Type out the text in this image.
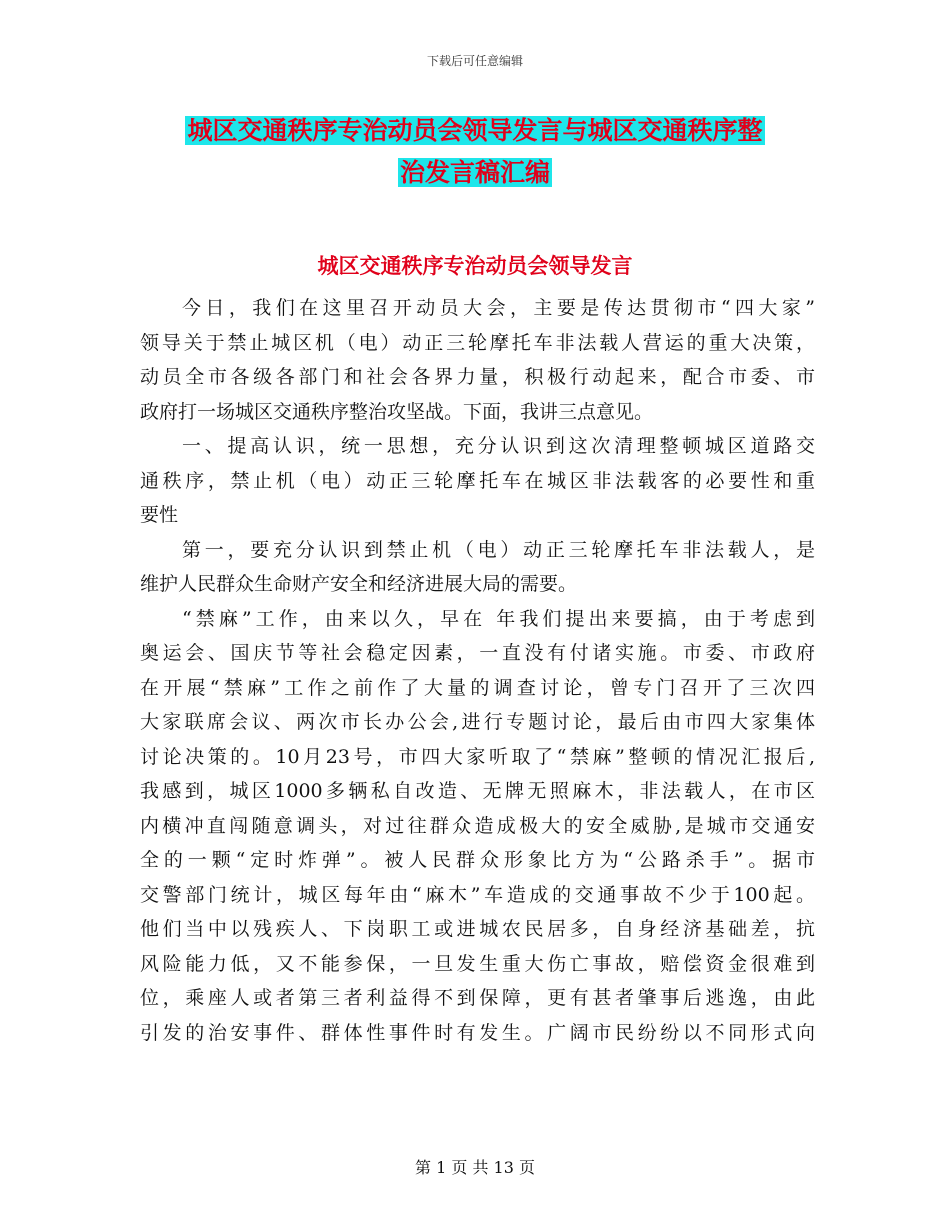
下载后可任意编辑
城区交通秩序专治动员会领导发言与城区交通秩序整
治发言稿汇编
城区交通秩序专治动员会领导发言
今日，我们在这里召开动员大会，主要是传达贯彻市“四大家”
领导关于禁止城区机（电）动正三轮摩托车非法载人营运的重大决策，
动员全市各级各部门和社会各界力量，积极行动起来，配合市委、市
政府打一场城区交通秩序整治攻坚战。下面，我讲三点意见。
一、提高认识，统一思想，充分认识到这次清理整顿城区道路交
通秩序，禁止机（电）动正三轮摩托车在城区非法载客的必要性和重
要性
第一，要充分认识到禁止机（电）动正三轮摩托车非法载人，是
维护人民群众生命财产安全和经济进展大局的需要。
“禁麻”工作，由来以久，早在 年我们提出来要搞，由于考虑到
奥运会、国庆节等社会稳定因素，一直没有付诸实施。市委、市政府
在开展“禁麻”工作之前作了大量的调查讨论，曾专门召开了三次四
大家联席会议、两次市长办公会,进行专题讨论，最后由市四大家集体
讨论决策的。10月23号，市四大家听取了“禁麻”整顿的情况汇报后,
我感到，城区1000多辆私自改造、无牌无照麻木，非法载人，在市区
内横冲直闯随意调头，对过往群众造成极大的安全威胁,是城市交通安
全的一颗“定时炸弹”。被人民群众形象比方为“公路杀手”。据市
交警部门统计，城区每年由“麻木”车造成的交通事故不少于100起。
他们当中以残疾人、下岗职工或进城农民居多，自身经济基础差，抗
风险能力低，又不能参保，一旦发生重大伤亡事故，赔偿资金很难到
位，乘座人或者第三者利益得不到保障，更有甚者肇事后逃逸，由此
引发的治安事件、群体性事件时有发生。广阔市民纷纷以不同形式向
第 1 页 共 13 页
